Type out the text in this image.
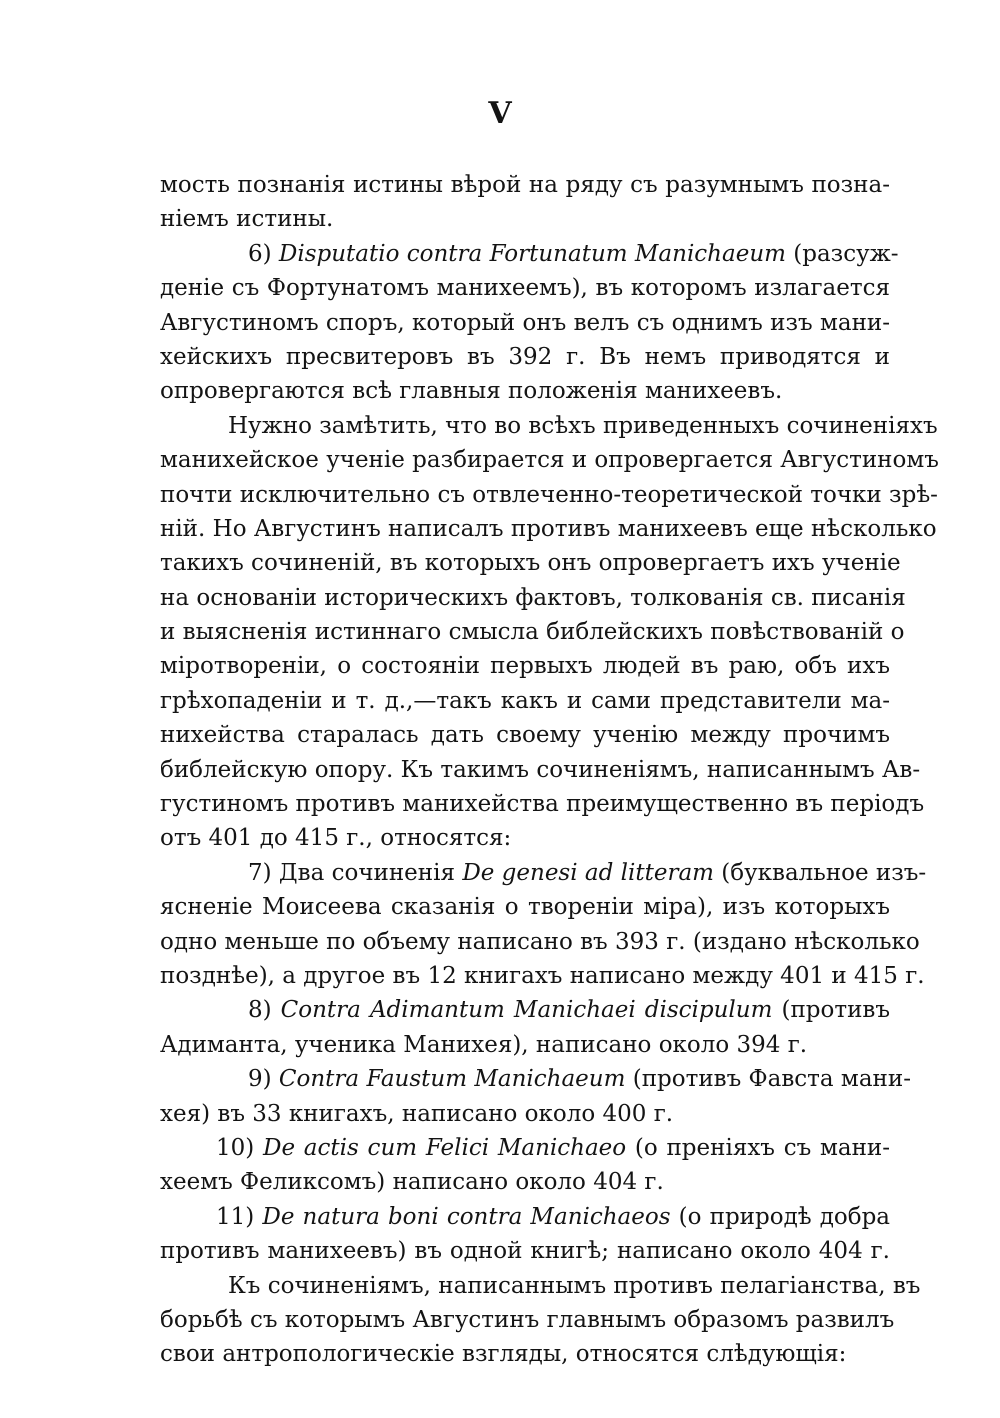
V
мость познанія истины вѣрой на ряду съ разумнымъ позна-
ніемъ истины.
6) Disputatio contra Fortunatum Manichaeum (разсуж-
деніе съ Фортунатомъ манихеемъ), въ которомъ излагается
Августиномъ споръ, который онъ велъ съ однимъ изъ мани-
хейскихъ пресвитеровъ въ 392 г. Въ немъ приводятся и
опровергаются всѣ главныя положенія манихеевъ.
Нужно замѣтить, что во всѣхъ приведенныхъ сочиненіяхъ
манихейское ученіе разбирается и опровергается Августиномъ
почти исключительно съ отвлеченно-теоретической точки зрѣ-
ній. Но Августинъ написалъ противъ манихеевъ еще нѣсколько
такихъ сочиненій, въ которыхъ онъ опровергаетъ ихъ ученіе
на основаніи историческихъ фактовъ, толкованія св. писанія
и выясненія истиннаго смысла библейскихъ повѣствованій о
міротвореніи, о состояніи первыхъ людей въ раю, объ ихъ
грѣхопаденіи и т. д.,—такъ какъ и сами представители ма-
нихейства старалась дать своему ученію между прочимъ
библейскую опору. Къ такимъ сочиненіямъ, написаннымъ Ав-
густиномъ противъ манихейства преимущественно въ періодъ
отъ 401 до 415 г., относятся:
7) Два сочиненія De genesi ad litteram (буквальное изъ-
ясненіе Моисеева сказанія о твореніи міра), изъ которыхъ
одно меньше по объему написано въ 393 г. (издано нѣсколько
позднѣе), а другое въ 12 книгахъ написано между 401 и 415 г.
8) Contra Adimantum Manichaei discipulum (противъ
Адиманта, ученика Манихея), написано около 394 г.
9) Contra Faustum Manichaeum (противъ Фавста мани-
хея) въ 33 книгахъ, написано около 400 г.
10) De actis cum Felici Manichaeo (о преніяхъ съ мани-
хеемъ Феликсомъ) написано около 404 г.
11) De natura boni contra Manichaeos (о природѣ добра
противъ манихеевъ) въ одной книгѣ; написано около 404 г.
Къ сочиненіямъ, написаннымъ противъ пелагіанства, въ
борьбѣ съ которымъ Августинъ главнымъ образомъ развилъ
свои антропологическіе взгляды, относятся слѣдующія:
